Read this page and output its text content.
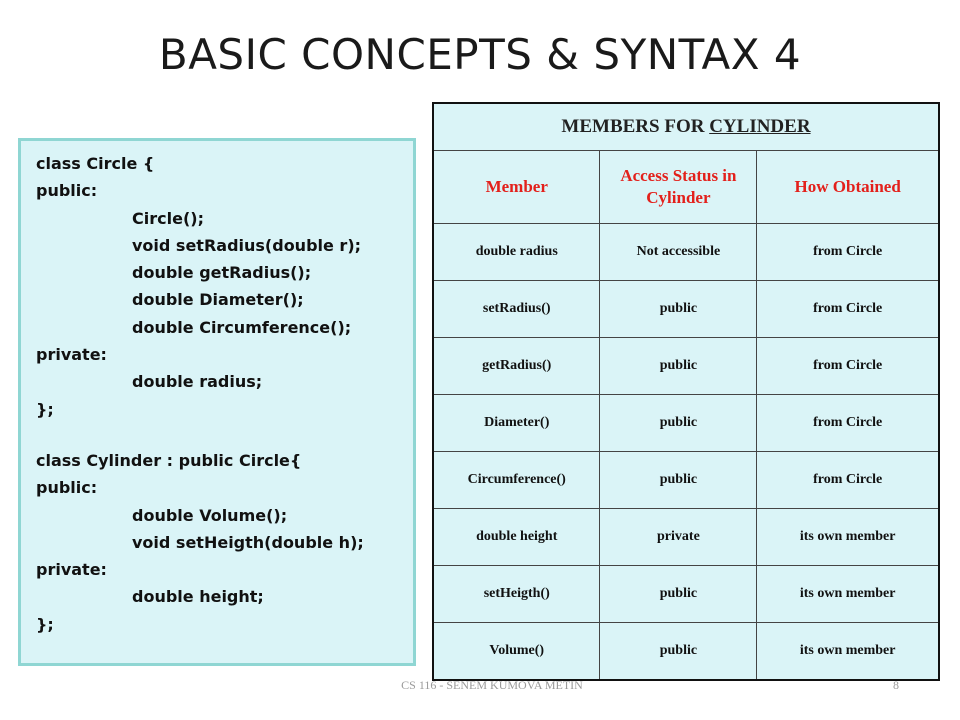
BASIC CONCEPTS & SYNTAX 4
class Circle {
public:
Circle();
void setRadius(double r);
double getRadius();
double Diameter();
double Circumference();
private:
double radius;
};
class Cylinder : public Circle{
public:
double Volume();
void setHeigth(double h);
private:
double height;
};
MEMBERS FOR CYLINDER		
Member	Access Status in Cylinder	How Obtained
double radius	Not accessible	from Circle
setRadius()	public	from Circle
getRadius()	public	from Circle
Diameter()	public	from Circle
Circumference()	public	from Circle
double height	private	its own member
setHeigth()	public	its own member
Volume()	public	its own member
CS 116 - SENEM KUMOVA METIN	8
